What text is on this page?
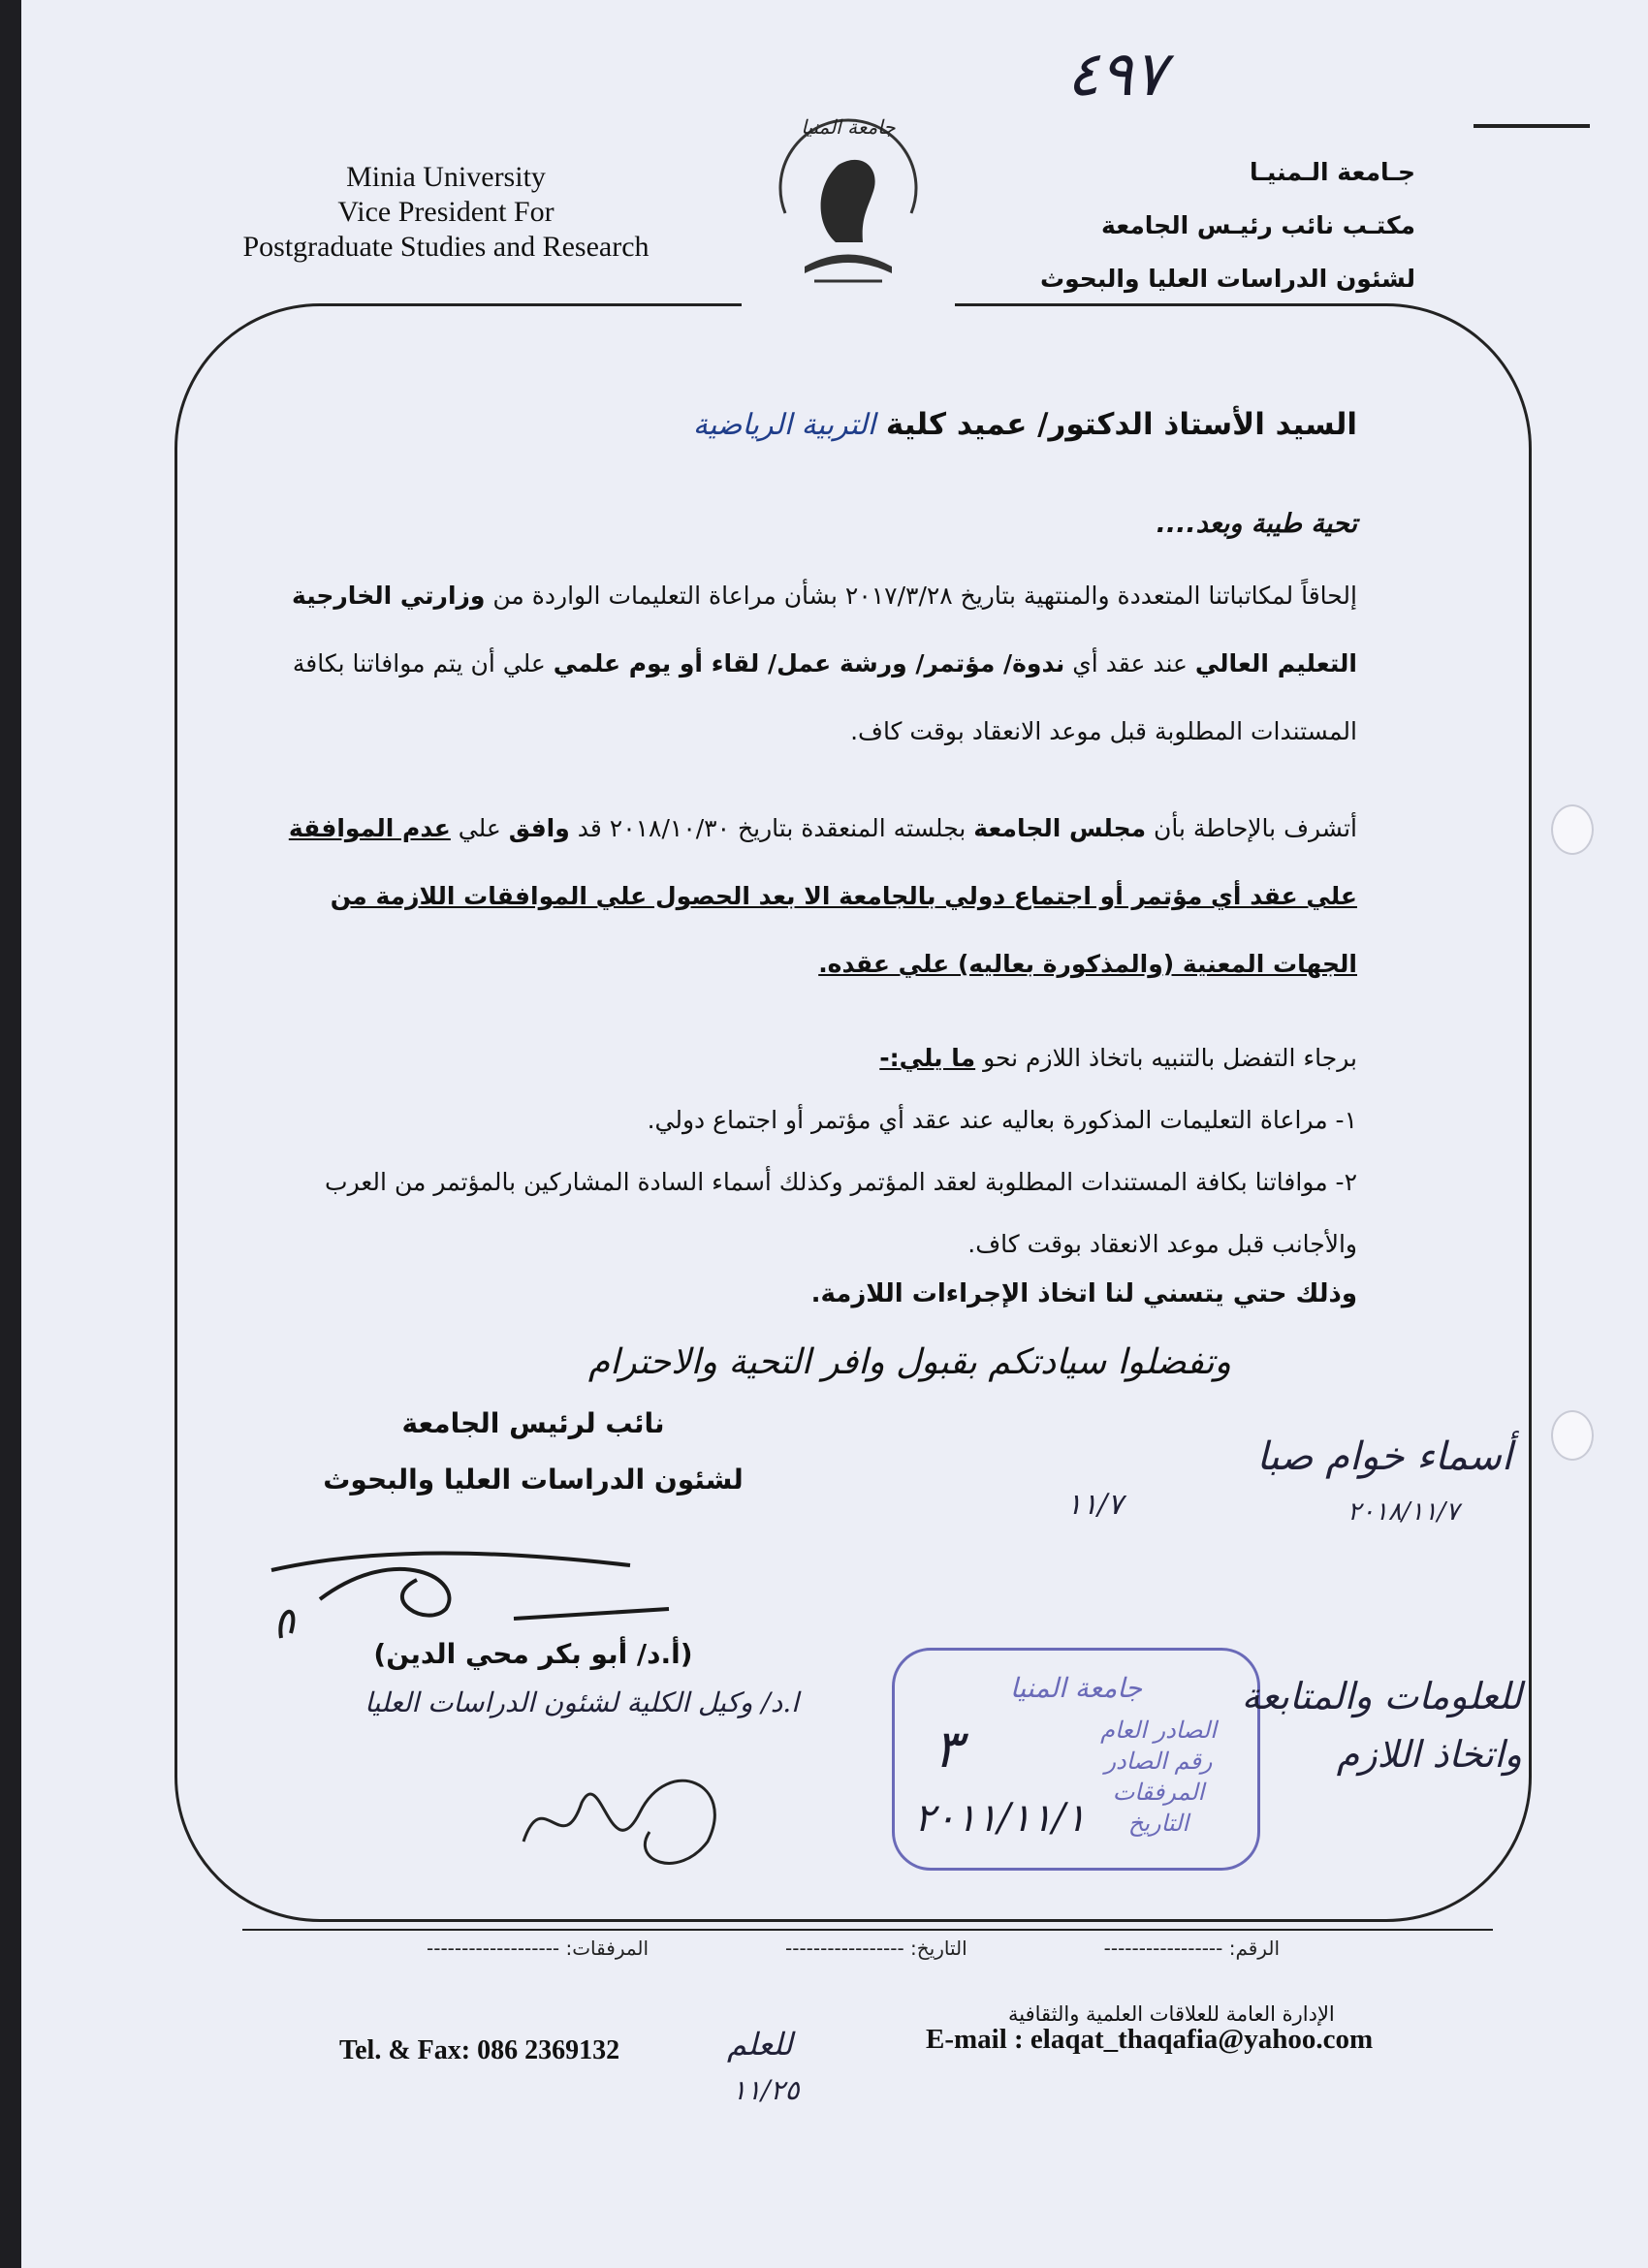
٤٩٧
Minia University
Vice President For
Postgraduate Studies and Research
جامعة المنيا
جـامعة الـمنيـا
مكتـب نائب رئيـس الجامعة
لشئون الدراسات العليا والبحوث
السيد الأستاذ الدكتور/ عميد كلية التربية الرياضية
تحية طيبة وبعد....
إلحاقاً لمكاتباتنا المتعددة والمنتهية بتاريخ ٢٠١٧/٣/٢٨ بشأن مراعاة التعليمات الواردة من وزارتي الخارجية التعليم العالي عند عقد أي ندوة/ مؤتمر/ ورشة عمل/ لقاء أو يوم علمي علي أن يتم موافاتنا بكافة المستندات المطلوبة قبل موعد الانعقاد بوقت كاف.
أتشرف بالإحاطة بأن مجلس الجامعة بجلسته المنعقدة بتاريخ ٢٠١٨/١٠/٣٠ قد وافق علي عدم الموافقة علي عقد أي مؤتمر أو اجتماع دولي بالجامعة الا بعد الحصول علي الموافقات اللازمة من الجهات المعنية (والمذكورة بعاليه) علي عقده.
برجاء التفضل بالتنبيه باتخاذ اللازم نحو ما يلي:-
١- مراعاة التعليمات المذكورة بعاليه عند عقد أي مؤتمر أو اجتماع دولي.
٢- موافاتنا بكافة المستندات المطلوبة لعقد المؤتمر وكذلك أسماء السادة المشاركين بالمؤتمر من العرب والأجانب قبل موعد الانعقاد بوقت كاف.
وذلك حتي يتسني لنا اتخاذ الإجراءات اللازمة.
وتفضلوا سيادتكم بقبول وافر التحية والاحترام
نائب لرئيس الجامعة
لشئون الدراسات العليا والبحوث
(أ.د/ أبو بكر محي الدين)
ا.د/ وكيل الكلية لشئون الدراسات العليا
أسماء خوام صبا
١١/٧	٢٠١٨/١١/٧
جامعة المنيا
الصادر العام
رقم الصادر
المرفقات
التاريخ
٣
٢٠١١/١١/١
للعلومات والمتابعة واتخاذ اللازم
الرقم: -----------------
التاريخ: -----------------
المرفقات: -------------------
Tel. & Fax: 086 2369132	للعلم
١١/٢٥
الإدارة العامة للعلاقات العلمية والثقافية
E-mail : elaqat_thaqafia@yahoo.com
